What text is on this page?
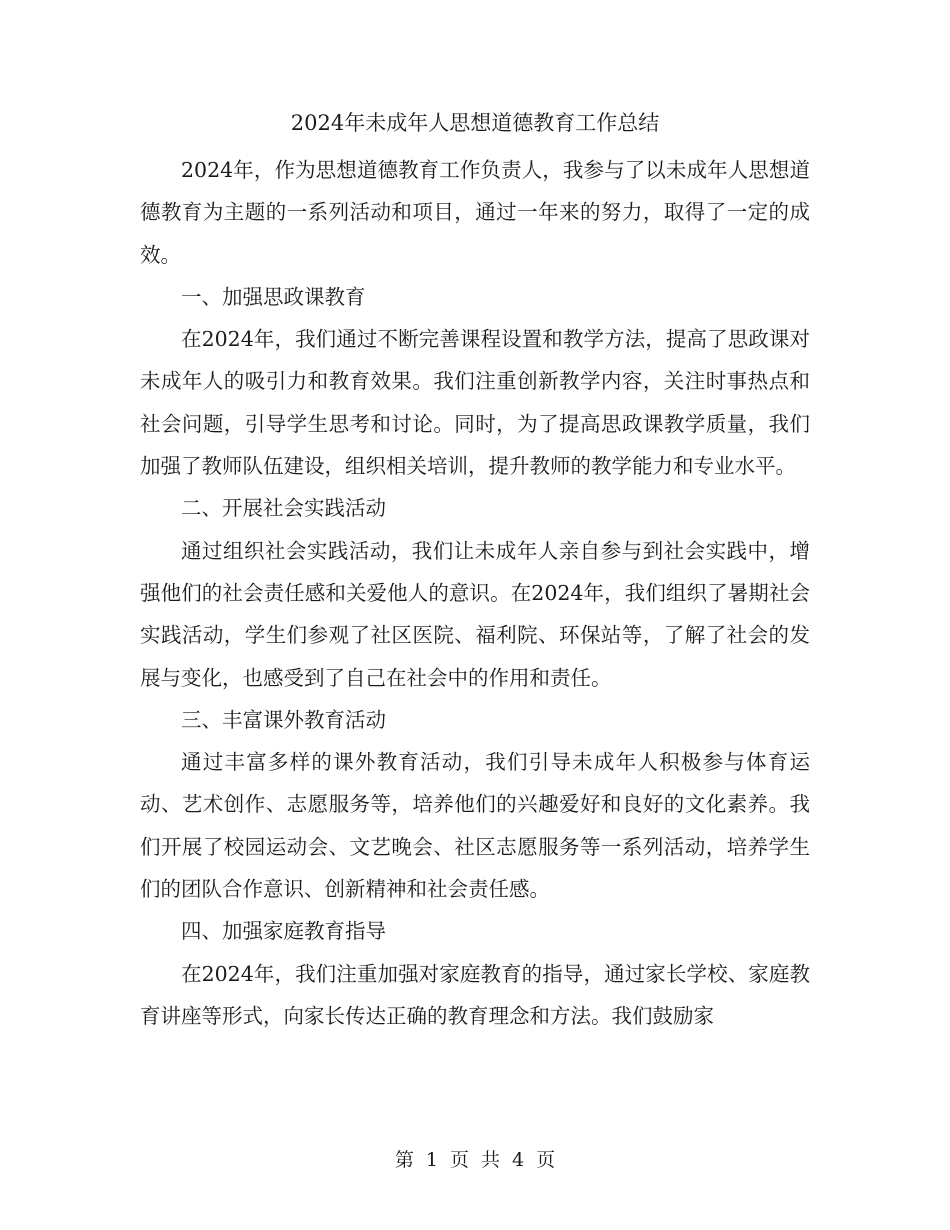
2024年未成年人思想道德教育工作总结

2024年，作为思想道德教育工作负责人，我参与了以未成年人思想道德教育为主题的一系列活动和项目，通过一年来的努力，取得了一定的成效。

一、加强思政课教育

在2024年，我们通过不断完善课程设置和教学方法，提高了思政课对未成年人的吸引力和教育效果。我们注重创新教学内容，关注时事热点和社会问题，引导学生思考和讨论。同时，为了提高思政课教学质量，我们加强了教师队伍建设，组织相关培训，提升教师的教学能力和专业水平。

二、开展社会实践活动

通过组织社会实践活动，我们让未成年人亲自参与到社会实践中，增强他们的社会责任感和关爱他人的意识。在2024年，我们组织了暑期社会实践活动，学生们参观了社区医院、福利院、环保站等，了解了社会的发展与变化，也感受到了自己在社会中的作用和责任。

三、丰富课外教育活动

通过丰富多样的课外教育活动，我们引导未成年人积极参与体育运动、艺术创作、志愿服务等，培养他们的兴趣爱好和良好的文化素养。我们开展了校园运动会、文艺晚会、社区志愿服务等一系列活动，培养学生们的团队合作意识、创新精神和社会责任感。

四、加强家庭教育指导

在2024年，我们注重加强对家庭教育的指导，通过家长学校、家庭教育讲座等形式，向家长传达正确的教育理念和方法。我们鼓励家

第 1 页 共 4 页
